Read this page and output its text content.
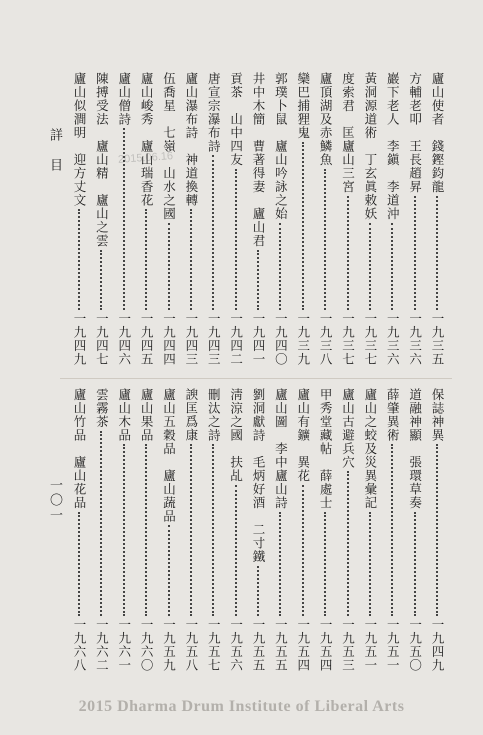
詳　目
一〇一
2015.06.16	廬山使者　錢鏗鈞龍
一九三五
方輔老叩　王長趙昇
一九三六
巖下老人　李鎭　李道沖
一九三六
黃洞源道術　丁玄眞敕妖
一九三七
度索君　匡廬山三宮
一九三七
廬頂湖及赤鱗魚
一九三八
欒巴捕狸鬼
一九三九
郭璞卜鼠　廬山吟詠之始
一九四〇
井中木簡　曹著得妻　廬山君
一九四一
貢茶　山中四友
一九四二
唐宣宗瀑布詩
一九四三
廬山瀑布詩　神道換轉
一九四三
伍喬星　七嶺　山水之國
一九四四
廬山峻秀　廬山瑞香花
一九四五
廬山僧詩
一九四六
陳搏受法　廬山精　廬山之雲
一九四七
廬山似澗明　迎方丈文
一九四九
保誌神異
一九四九
道融神顯　張環草奏
一九五〇
薛肇異術
一九五一
廬山之蛟及災異彙記
一九五一
廬山古避兵穴
一九五三
甲秀堂藏帖　薛處士
一九五四
廬山有鑛　異花
一九五四
廬山圖　李中廬山詩
一九五五
劉洞獻詩　毛炳好酒　二寸鐵
一九五五
淸涼之國　扶乩
一九五六
刪汰之詩
一九五七
諛匡爲康
一九五八
廬山五穀品　廬山蔬品
一九五九
廬山果品
一九六〇
廬山木品
一九六一
雲霧茶
一九六二
廬山竹品　廬山花品
一九六八
2015 Dharma Drum Institute of Liberal Arts
